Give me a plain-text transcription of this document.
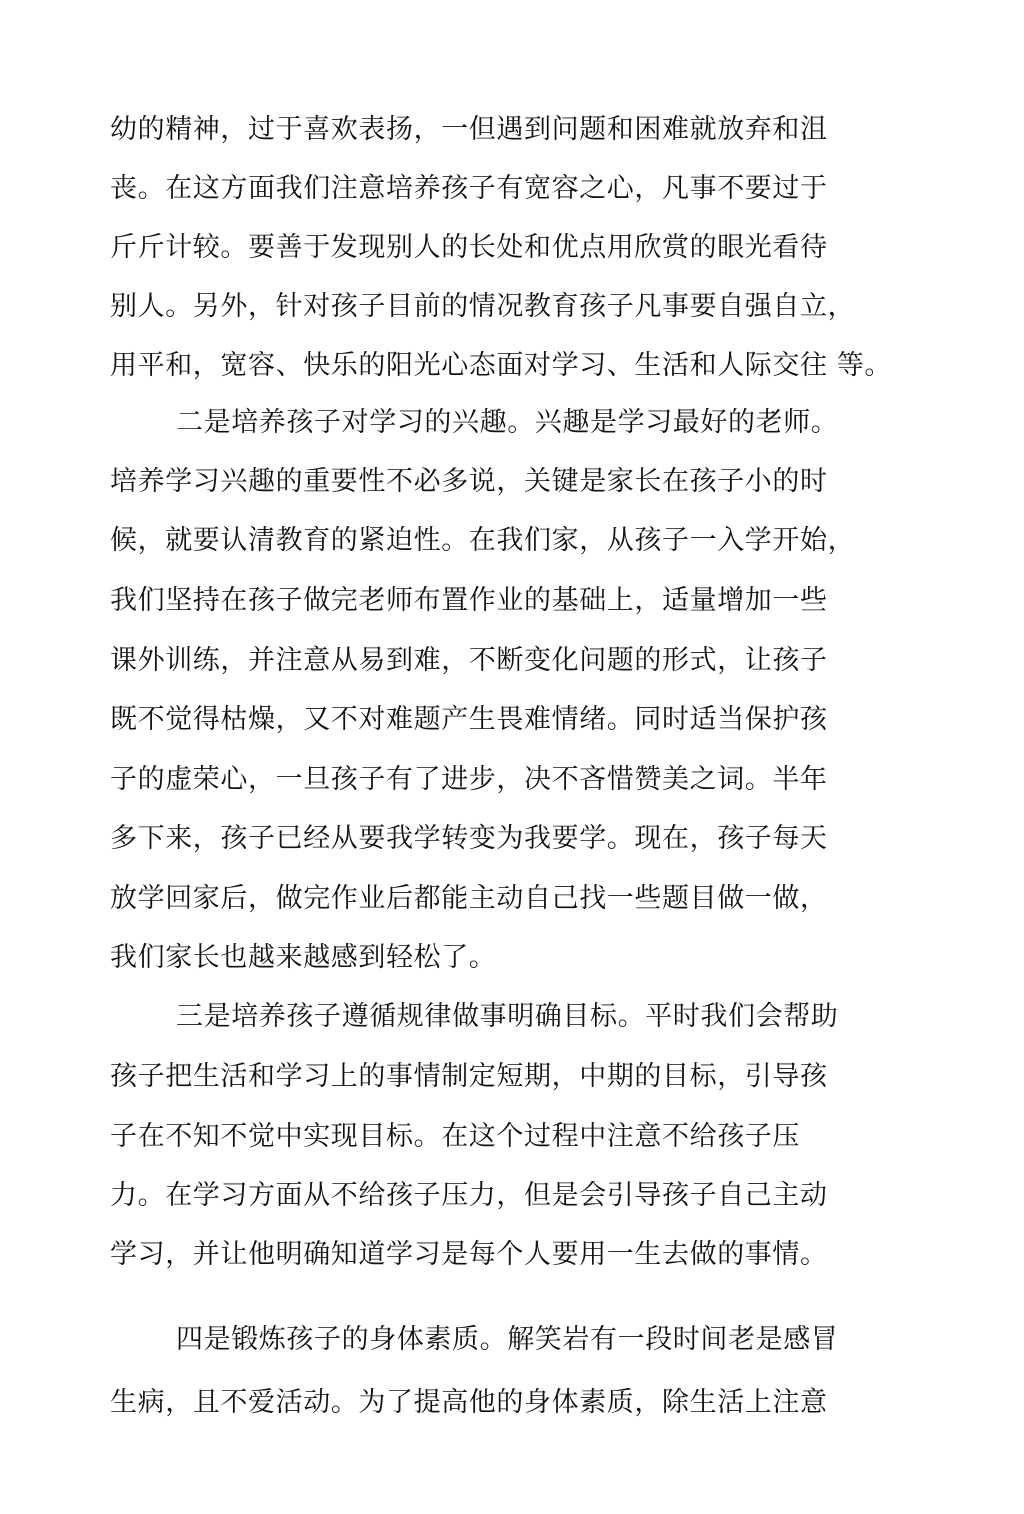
幼的精神，过于喜欢表扬，一但遇到问题和困难就放弃和沮
丧。在这方面我们注意培养孩子有宽容之心，凡事不要过于
斤斤计较。要善于发现别人的长处和优点用欣赏的眼光看待
别人。另外，针对孩子目前的情况教育孩子凡事要自强自立，
用平和，宽容、快乐的阳光心态面对学习、生活和人际交往 等。
二是培养孩子对学习的兴趣。兴趣是学习最好的老师。
培养学习兴趣的重要性不必多说，关键是家长在孩子小的时
候，就要认清教育的紧迫性。在我们家，从孩子一入学开始，
我们坚持在孩子做完老师布置作业的基础上，适量增加一些
课外训练，并注意从易到难，不断变化问题的形式，让孩子
既不觉得枯燥，又不对难题产生畏难情绪。同时适当保护孩
子的虚荣心，一旦孩子有了进步，决不吝惜赞美之词。半年
多下来，孩子已经从要我学转变为我要学。现在，孩子每天
放学回家后，做完作业后都能主动自己找一些题目做一做，
我们家长也越来越感到轻松了。
三是培养孩子遵循规律做事明确目标。平时我们会帮助
孩子把生活和学习上的事情制定短期，中期的目标，引导孩
子在不知不觉中实现目标。在这个过程中注意不给孩子压
力。在学习方面从不给孩子压力，但是会引导孩子自己主动
学习，并让他明确知道学习是每个人要用一生去做的事情。
四是锻炼孩子的身体素质。解笑岩有一段时间老是感冒
生病，且不爱活动。为了提高他的身体素质，除生活上注意
